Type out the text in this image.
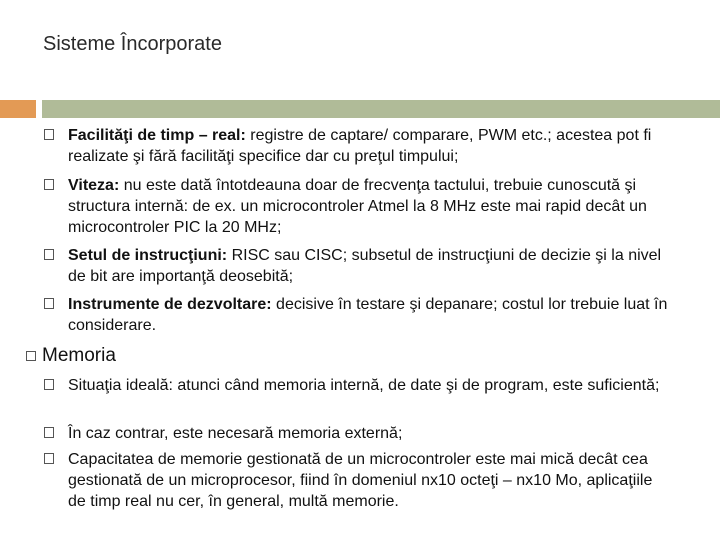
Sisteme Încorporate
Facilităţi de timp – real: registre de captare/ comparare, PWM etc.; acestea pot fi realizate şi fără facilităţi specifice dar cu preţul timpului;
Viteza: nu este dată întotdeauna doar de frecvenţa tactului, trebuie cunoscută şi structura internă: de ex. un microcontroler Atmel la 8 MHz este mai rapid decât un microcontroler PIC la 20 MHz;
Setul de instrucţiuni: RISC sau CISC; subsetul de instrucţiuni de decizie şi la nivel de bit are importanţă deosebită;
Instrumente de dezvoltare: decisive în testare şi depanare; costul lor trebuie luat în considerare.
Memoria
Situaţia ideală: atunci când memoria internă, de date şi de program, este suficientă;
În caz contrar, este necesară memoria externă;
Capacitatea de memorie gestionată de un microcontroler este mai mică decât cea gestionată de un microprocesor, fiind în domeniul nx10 octeţi – nx10 Mo, aplicaţiile de timp real nu cer, în general, multă memorie.
